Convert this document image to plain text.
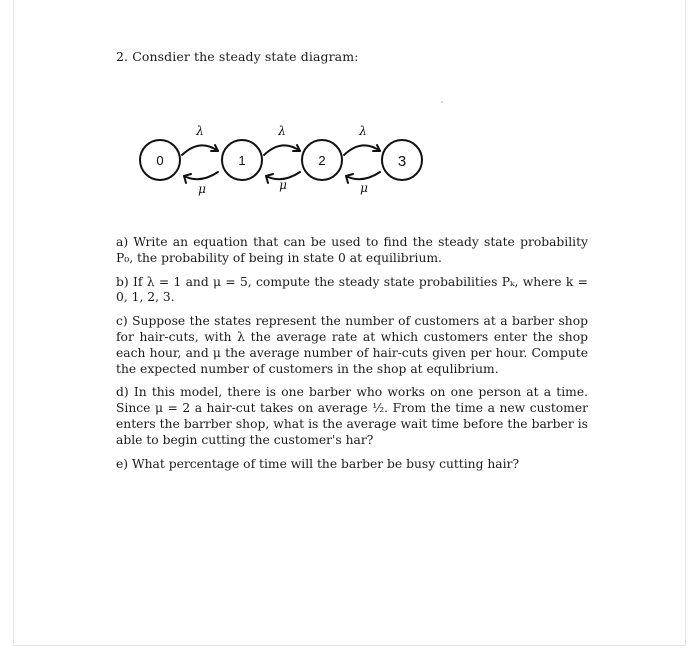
2. Consdier the steady state diagram:
0	1	2	3
λ	λ	λ
μ	μ	μ

a) Write an equation that can be used to find the steady state probability P₀, the probability of being in state 0 at equilibrium.

b) If λ = 1 and μ = 5, compute the steady state probabilities Pₖ, where k = 0, 1, 2, 3.

c) Suppose the states represent the number of customers at a barber shop for hair-cuts, with λ the average rate at which customers enter the shop each hour, and μ the average number of hair-cuts given per hour. Compute the expected number of customers in the shop at equlibrium.

d) In this model, there is one barber who works on one person at a time. Since μ = 2 a hair-cut takes on average ½. From the time a new customer enters the barrber shop, what is the average wait time before the barber is able to begin cutting the customer's har?

e) What percentage of time will the barber be busy cutting hair?
